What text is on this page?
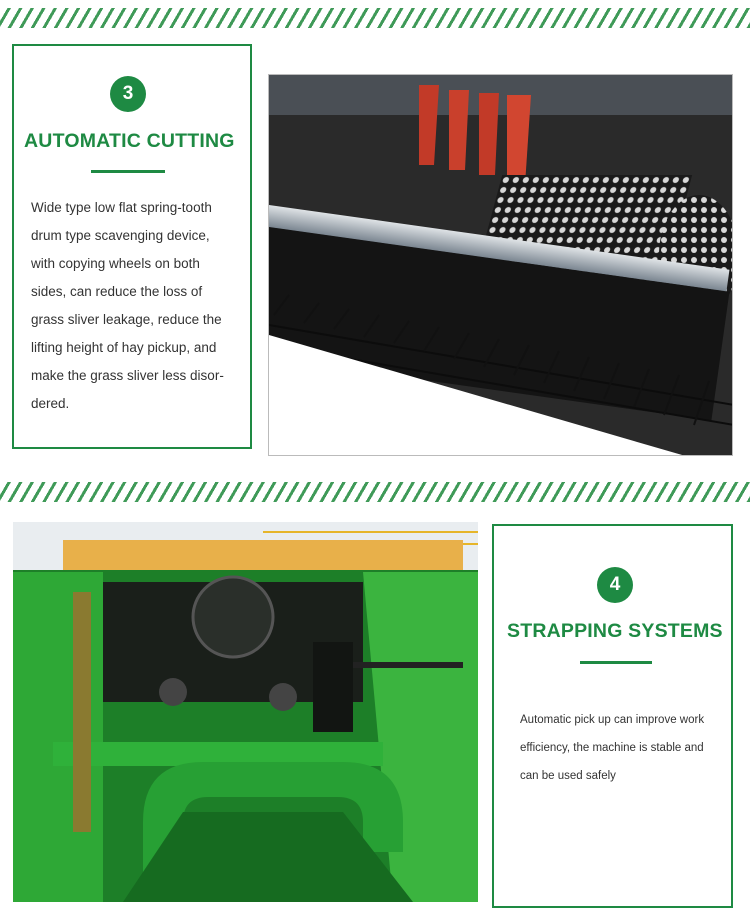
3
AUTOMATIC CUTTING
Wide type low flat spring-tooth drum type scavenging device, with copying wheels on both sides, can reduce the loss of grass sliver leakage, reduce the lifting height of hay pickup, and make the grass sliver less disor-dered.
4
STRAPPING SYSTEMS
Automatic pick up can improve work efficiency, the machine is stable and can be used safely
